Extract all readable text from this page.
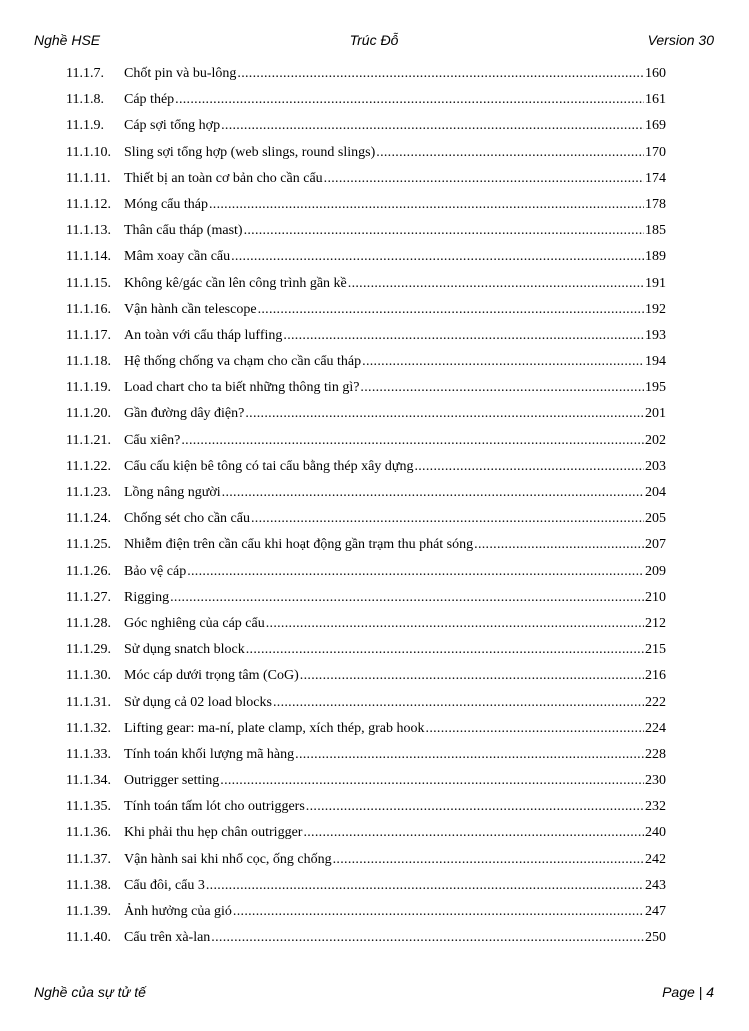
Nghề HSE	Trúc Đỗ	Version 30
11.1.7.	Chốt pin và bu-lông .....	160
11.1.8.	Cáp thép .....	161
11.1.9.	Cáp sợi tổng hợp .....	169
11.1.10. Sling sợi tổng hợp (web slings, round slings) .....	170
11.1.11. Thiết bị an toàn cơ bản cho cần cẩu .....	174
11.1.12. Móng cẩu tháp .....	178
11.1.13. Thân cẩu tháp (mast) .....	185
11.1.14. Mâm xoay cần cẩu .....	189
11.1.15. Không kê/gác cần lên công trình gần kề .....	191
11.1.16. Vận hành cần telescope .....	192
11.1.17. An toàn với cẩu tháp luffing .....	193
11.1.18. Hệ thống chống va chạm cho cần cẩu tháp .....	194
11.1.19. Load chart cho ta biết những thông tin gì? .....	195
11.1.20. Gần đường dây điện? .....	201
11.1.21. Cẩu xiên? .....	202
11.1.22. Cẩu cấu kiện bê tông có tai cẩu bằng thép xây dựng .....	203
11.1.23. Lồng nâng người .....	204
11.1.24. Chống sét cho cần cẩu .....	205
11.1.25. Nhiễm điện trên cần cẩu khi hoạt động gần trạm thu phát sóng .....	207
11.1.26. Bảo vệ cáp .....	209
11.1.27. Rigging .....	210
11.1.28. Góc nghiêng của cáp cẩu .....	212
11.1.29. Sử dụng snatch block .....	215
11.1.30. Móc cáp dưới trọng tâm (CoG) .....	216
11.1.31. Sử dụng cả 02 load blocks .....	222
11.1.32. Lifting gear: ma-ní, plate clamp, xích thép, grab hook .....	224
11.1.33. Tính toán khối lượng mã hàng .....	228
11.1.34. Outrigger setting .....	230
11.1.35. Tính toán tấm lót cho outriggers .....	232
11.1.36. Khi phải thu hẹp chân outrigger .....	240
11.1.37. Vận hành sai khi nhổ cọc, ống chống .....	242
11.1.38. Cẩu đôi, cẩu 3 .....	243
11.1.39. Ảnh hưởng của gió .....	247
11.1.40. Cẩu trên xà-lan .....	250
Nghề của sự tử tế	Page | 4
